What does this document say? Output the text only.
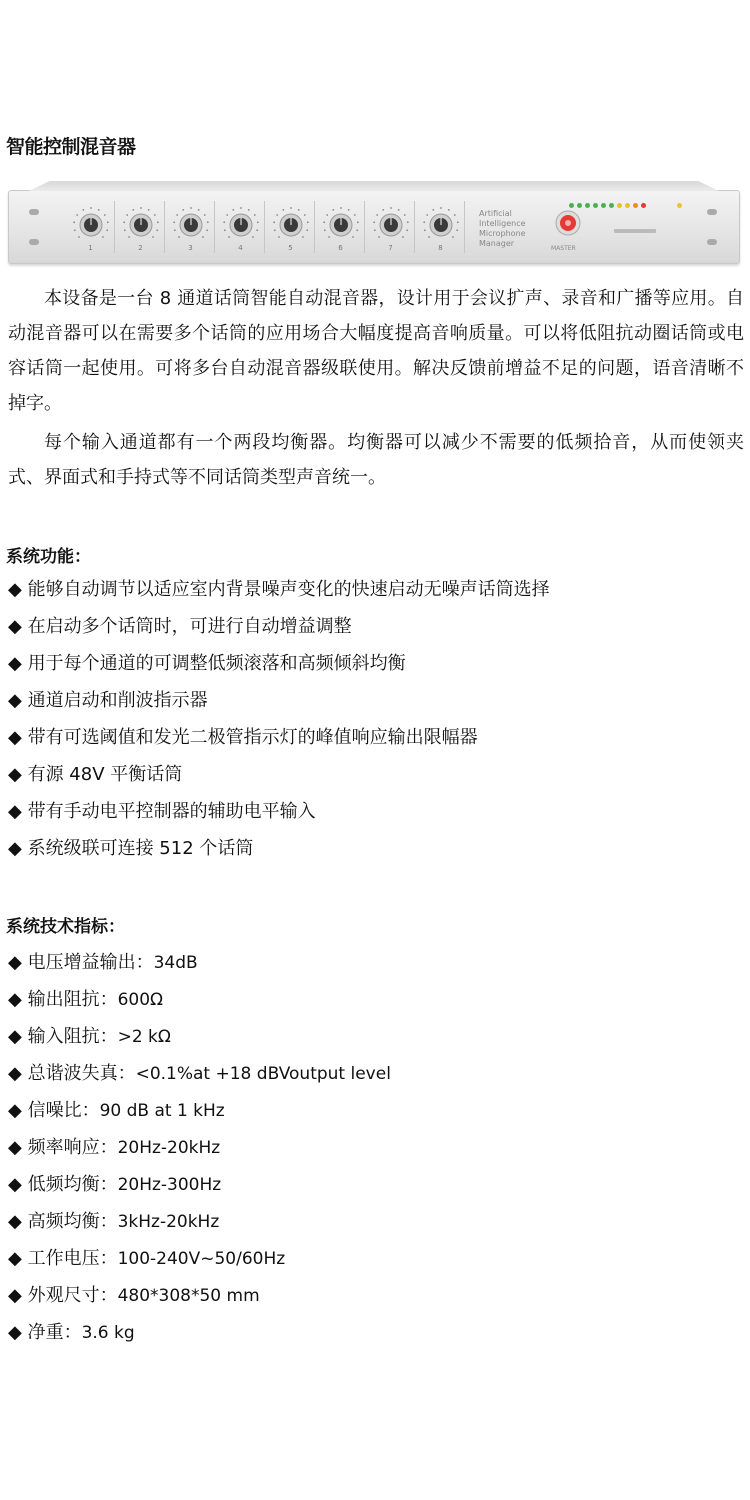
智能控制混音器
1	2	3	4	5	6	7	8
Artificial
Intelligence
Microphone
Manager
MASTER

本设备是一台 8 通道话筒智能自动混音器，设计用于会议扩声、录音和广播等应用。自动混音器可以在需要多个话筒的应用场合大幅度提高音响质量。可以将低阻抗动圈话筒或电容话筒一起使用。可将多台自动混音器级联使用。解决反馈前增益不足的问题，语音清晰不掉字。

每个输入通道都有一个两段均衡器。均衡器可以减少不需要的低频拾音，从而使领夹式、界面式和手持式等不同话筒类型声音统一。

系统功能：

◆ 能够自动调节以适应室内背景噪声变化的快速启动无噪声话筒选择

◆ 在启动多个话筒时，可进行自动增益调整

◆ 用于每个通道的可调整低频滚落和高频倾斜均衡

◆ 通道启动和削波指示器

◆ 带有可选阈值和发光二极管指示灯的峰值响应输出限幅器

◆ 有源 48V 平衡话筒

◆ 带有手动电平控制器的辅助电平输入

◆ 系统级联可连接 512 个话筒

系统技术指标：

◆ 电压增益输出：34dB

◆ 输出阻抗：600Ω

◆ 输入阻抗：>2 kΩ

◆ 总谐波失真：<0.1%at +18 dBVoutput level

◆ 信噪比：90 dB at 1 kHz

◆ 频率响应：20Hz-20kHz

◆ 低频均衡：20Hz-300Hz

◆ 高频均衡：3kHz-20kHz

◆ 工作电压：100-240V~50/60Hz

◆ 外观尺寸：480*308*50 mm

◆ 净重：3.6 kg
